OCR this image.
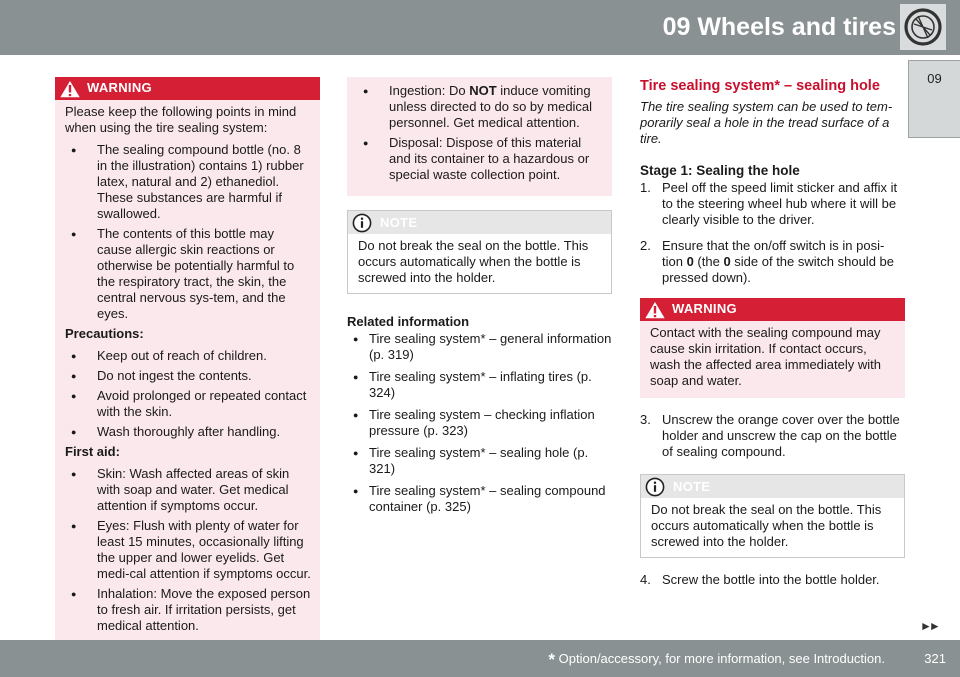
09 Wheels and tires
09
WARNING

Please keep the following points in mind when using the tire sealing system:

● The sealing compound bottle (no. 8 in the illustration) contains 1) rubber latex, natural and 2) ethanediol. These substances are harmful if swallowed.
● The contents of this bottle may cause allergic skin reactions or otherwise be potentially harmful to the respiratory tract, the skin, the central nervous sys-tem, and the eyes.
Precautions:
● Keep out of reach of children.
● Do not ingest the contents.
● Avoid prolonged or repeated contact with the skin.
● Wash thoroughly after handling.
First aid:
● Skin: Wash affected areas of skin with soap and water. Get medical attention if symptoms occur.
● Eyes: Flush with plenty of water for least 15 minutes, occasionally lifting the upper and lower eyelids. Get medi-cal attention if symptoms occur.
● Inhalation: Move the exposed person to fresh air. If irritation persists, get medical attention.
● Ingestion: Do NOT induce vomiting unless directed to do so by medical personnel. Get medical attention.
● Disposal: Dispose of this material and its container to a hazardous or special waste collection point.
NOTE
Do not break the seal on the bottle. This occurs automatically when the bottle is screwed into the holder.
Related information
● Tire sealing system* – general information (p. 319)
● Tire sealing system* – inflating tires (p. 324)
● Tire sealing system – checking inflation pressure (p. 323)
● Tire sealing system* – sealing hole (p. 321)
● Tire sealing system* – sealing compound container (p. 325)
Tire sealing system* – sealing hole
The tire sealing system can be used to tem-porarily seal a hole in the tread surface of a tire.
Stage 1: Sealing the hole
1. Peel off the speed limit sticker and affix it to the steering wheel hub where it will be clearly visible to the driver.
2. Ensure that the on/off switch is in posi-tion 0 (the 0 side of the switch should be pressed down).
WARNING
Contact with the sealing compound may cause skin irritation. If contact occurs, wash the affected area immediately with soap and water.
3. Unscrew the orange cover over the bottle holder and unscrew the cap on the bottle of sealing compound.
NOTE
Do not break the seal on the bottle. This occurs automatically when the bottle is screwed into the holder.
4. Screw the bottle into the bottle holder.
►►
* Option/accessory, for more information, see Introduction.	321
